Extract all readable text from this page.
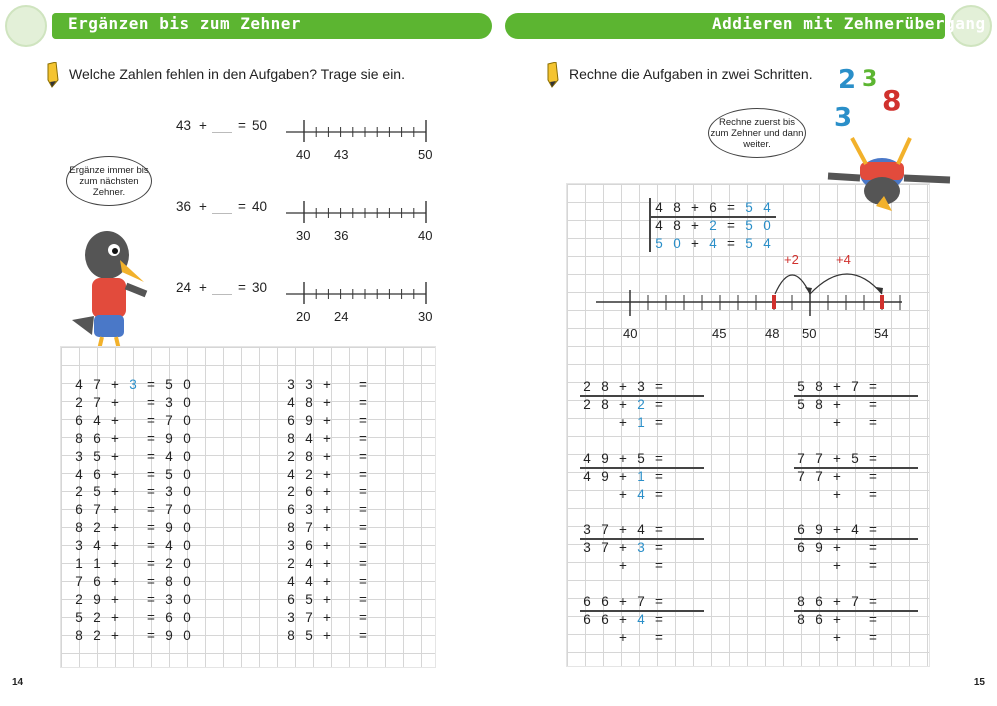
Ergänzen bis zum Zehner	Addieren mit Zehnerübergang
Welche Zahlen fehlen in den Aufgaben? Trage sie ein.	Rechne die Aufgaben in zwei Schritten.
Ergänze immer bis zum nächsten Zehner.
43 + = 50
40 43	50
36 + = 40
30 36	40
24 + = 30
20 24	30
4 7 + 3 = 5 0
2 7 + = 3 0
6 4 + = 7 0
8 6 + = 9 0
3 5 + = 4 0
4 6 + = 5 0
2 5 + = 3 0
6 7 + = 7 0
8 2 + = 9 0
3 4 + = 4 0
1 1 + = 2 0
7 6 + = 8 0
2 9 + = 3 0
5 2 + = 6 0
8 2 + = 9 0
3 3 + =
4 8 + =
6 9 + =
8 4 + =
2 8 + =
4 2 + =
2 6 + =
6 3 + =
8 7 + =
3 6 + =
2 4 + =
4 4 + =
6 5 + =
3 7 + =
8 5 + =
Rechne zuerst bis zum Zehner und dann weiter.
2 3
8
3
4 8 + 6 = 5 4
4 8 + 2 = 5 0
5 0 + 4 = 5 4
+2	+4
40	45	48 50	54
2 8 + 3 =
2 8 + 2 =
+ 1 =
4 9 + 5 =
4 9 + 1 =
+ 4 =
3 7 + 4 =
3 7 + 3 =
+ =
6 6 + 7 =
6 6 + 4 =
+ =
5 8 + 7 =
5 8 + =
+ =
7 7 + 5 =
7 7 + =
+ =
6 9 + 4 =
6 9 + =
+ =
8 6 + 7 =
8 6 + =
+ =
14	15
